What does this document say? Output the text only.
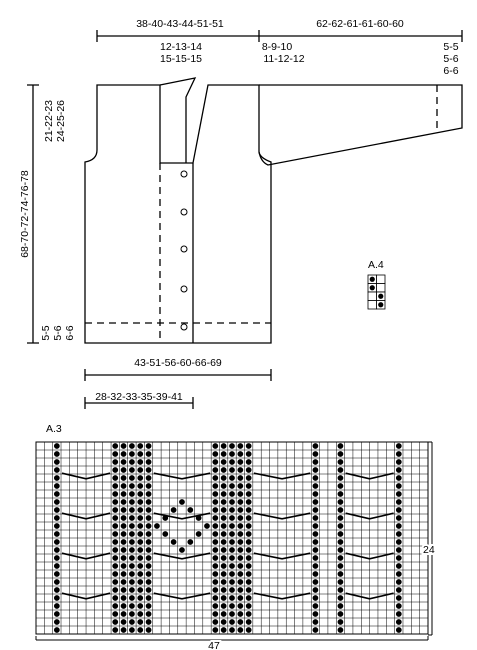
38-40-43-44-51-51	62-62-61-61-60-60
12-13-14
15-15-15
8-9-10
11-12-12
5-5
5-6
6-6
21-22-23 24-25-26
68-70-72-74-76-78
5-5 5-6 6-6
43-51-56-60-66-69
28-32-33-35-39-41
A.4
A.3
47
24
